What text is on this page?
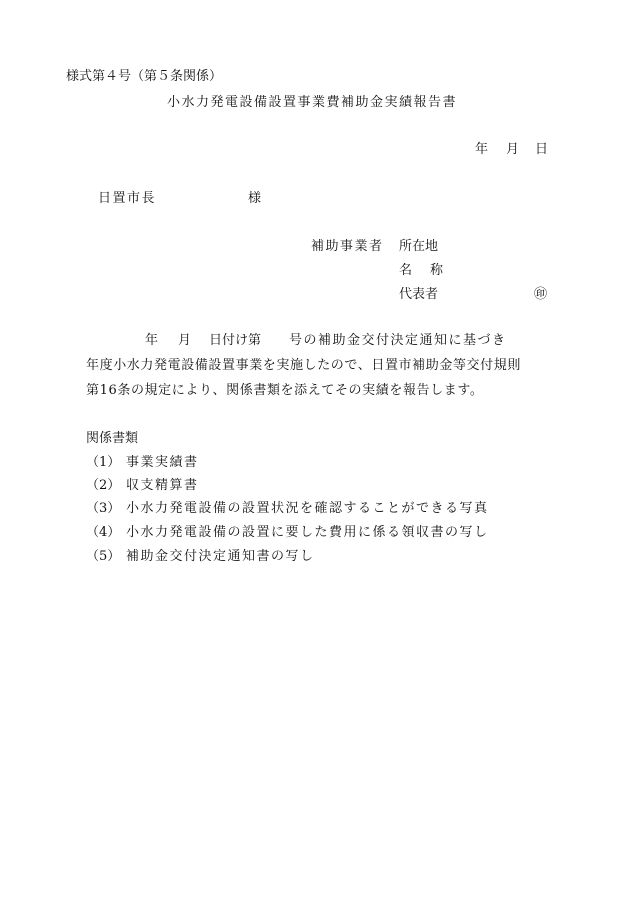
様式第４号（第５条関係）
小水力発電設備設置事業費補助金実績報告書
年 月 日
日置市長	様
補助事業者 所在地
名 称
代表者	㊞
年 月 日付け第 号の補助金交付決定通知に基づき
年度小水力発電設備設置事業を実施したので、日置市補助金等交付規則
第16条の規定により、関係書類を添えてその実績を報告します。
関係書類
（1） 事業実績書
（2） 収支精算書
（3） 小水力発電設備の設置状況を確認することができる写真
（4） 小水力発電設備の設置に要した費用に係る領収書の写し
（5） 補助金交付決定通知書の写し
